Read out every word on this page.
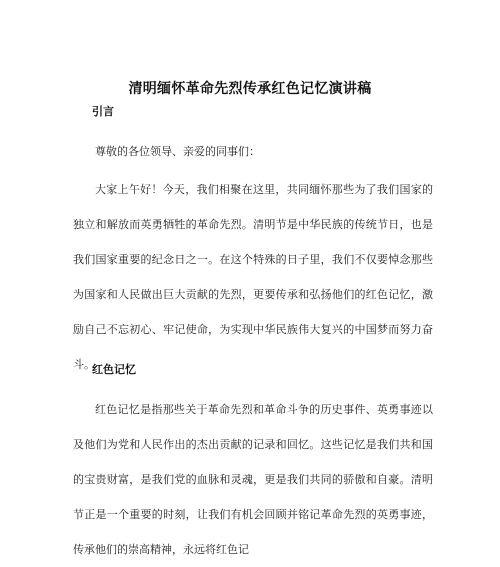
清明缅怀革命先烈传承红色记忆演讲稿
引言
尊敬的各位领导、亲爱的同事们：

大家上午好！今天，我们相聚在这里，共同缅怀那些为了我们国家的独立和解放而英勇牺牲的革命先烈。清明节是中华民族的传统节日，也是我们国家重要的纪念日之一。在这个特殊的日子里，我们不仅要悼念那些为国家和人民做出巨大贡献的先烈，更要传承和弘扬他们的红色记忆，激励自己不忘初心、牢记使命，为实现中华民族伟大复兴的中国梦而努力奋斗。

红色记忆

红色记忆是指那些关于革命先烈和革命斗争的历史事件、英勇事迹以及他们为党和人民作出的杰出贡献的记录和回忆。这些记忆是我们共和国的宝贵财富，是我们党的血脉和灵魂，更是我们共同的骄傲和自豪。清明节正是一个重要的时刻，让我们有机会回顾并铭记革命先烈的英勇事迹，传承他们的崇高精神，永远将红色记
